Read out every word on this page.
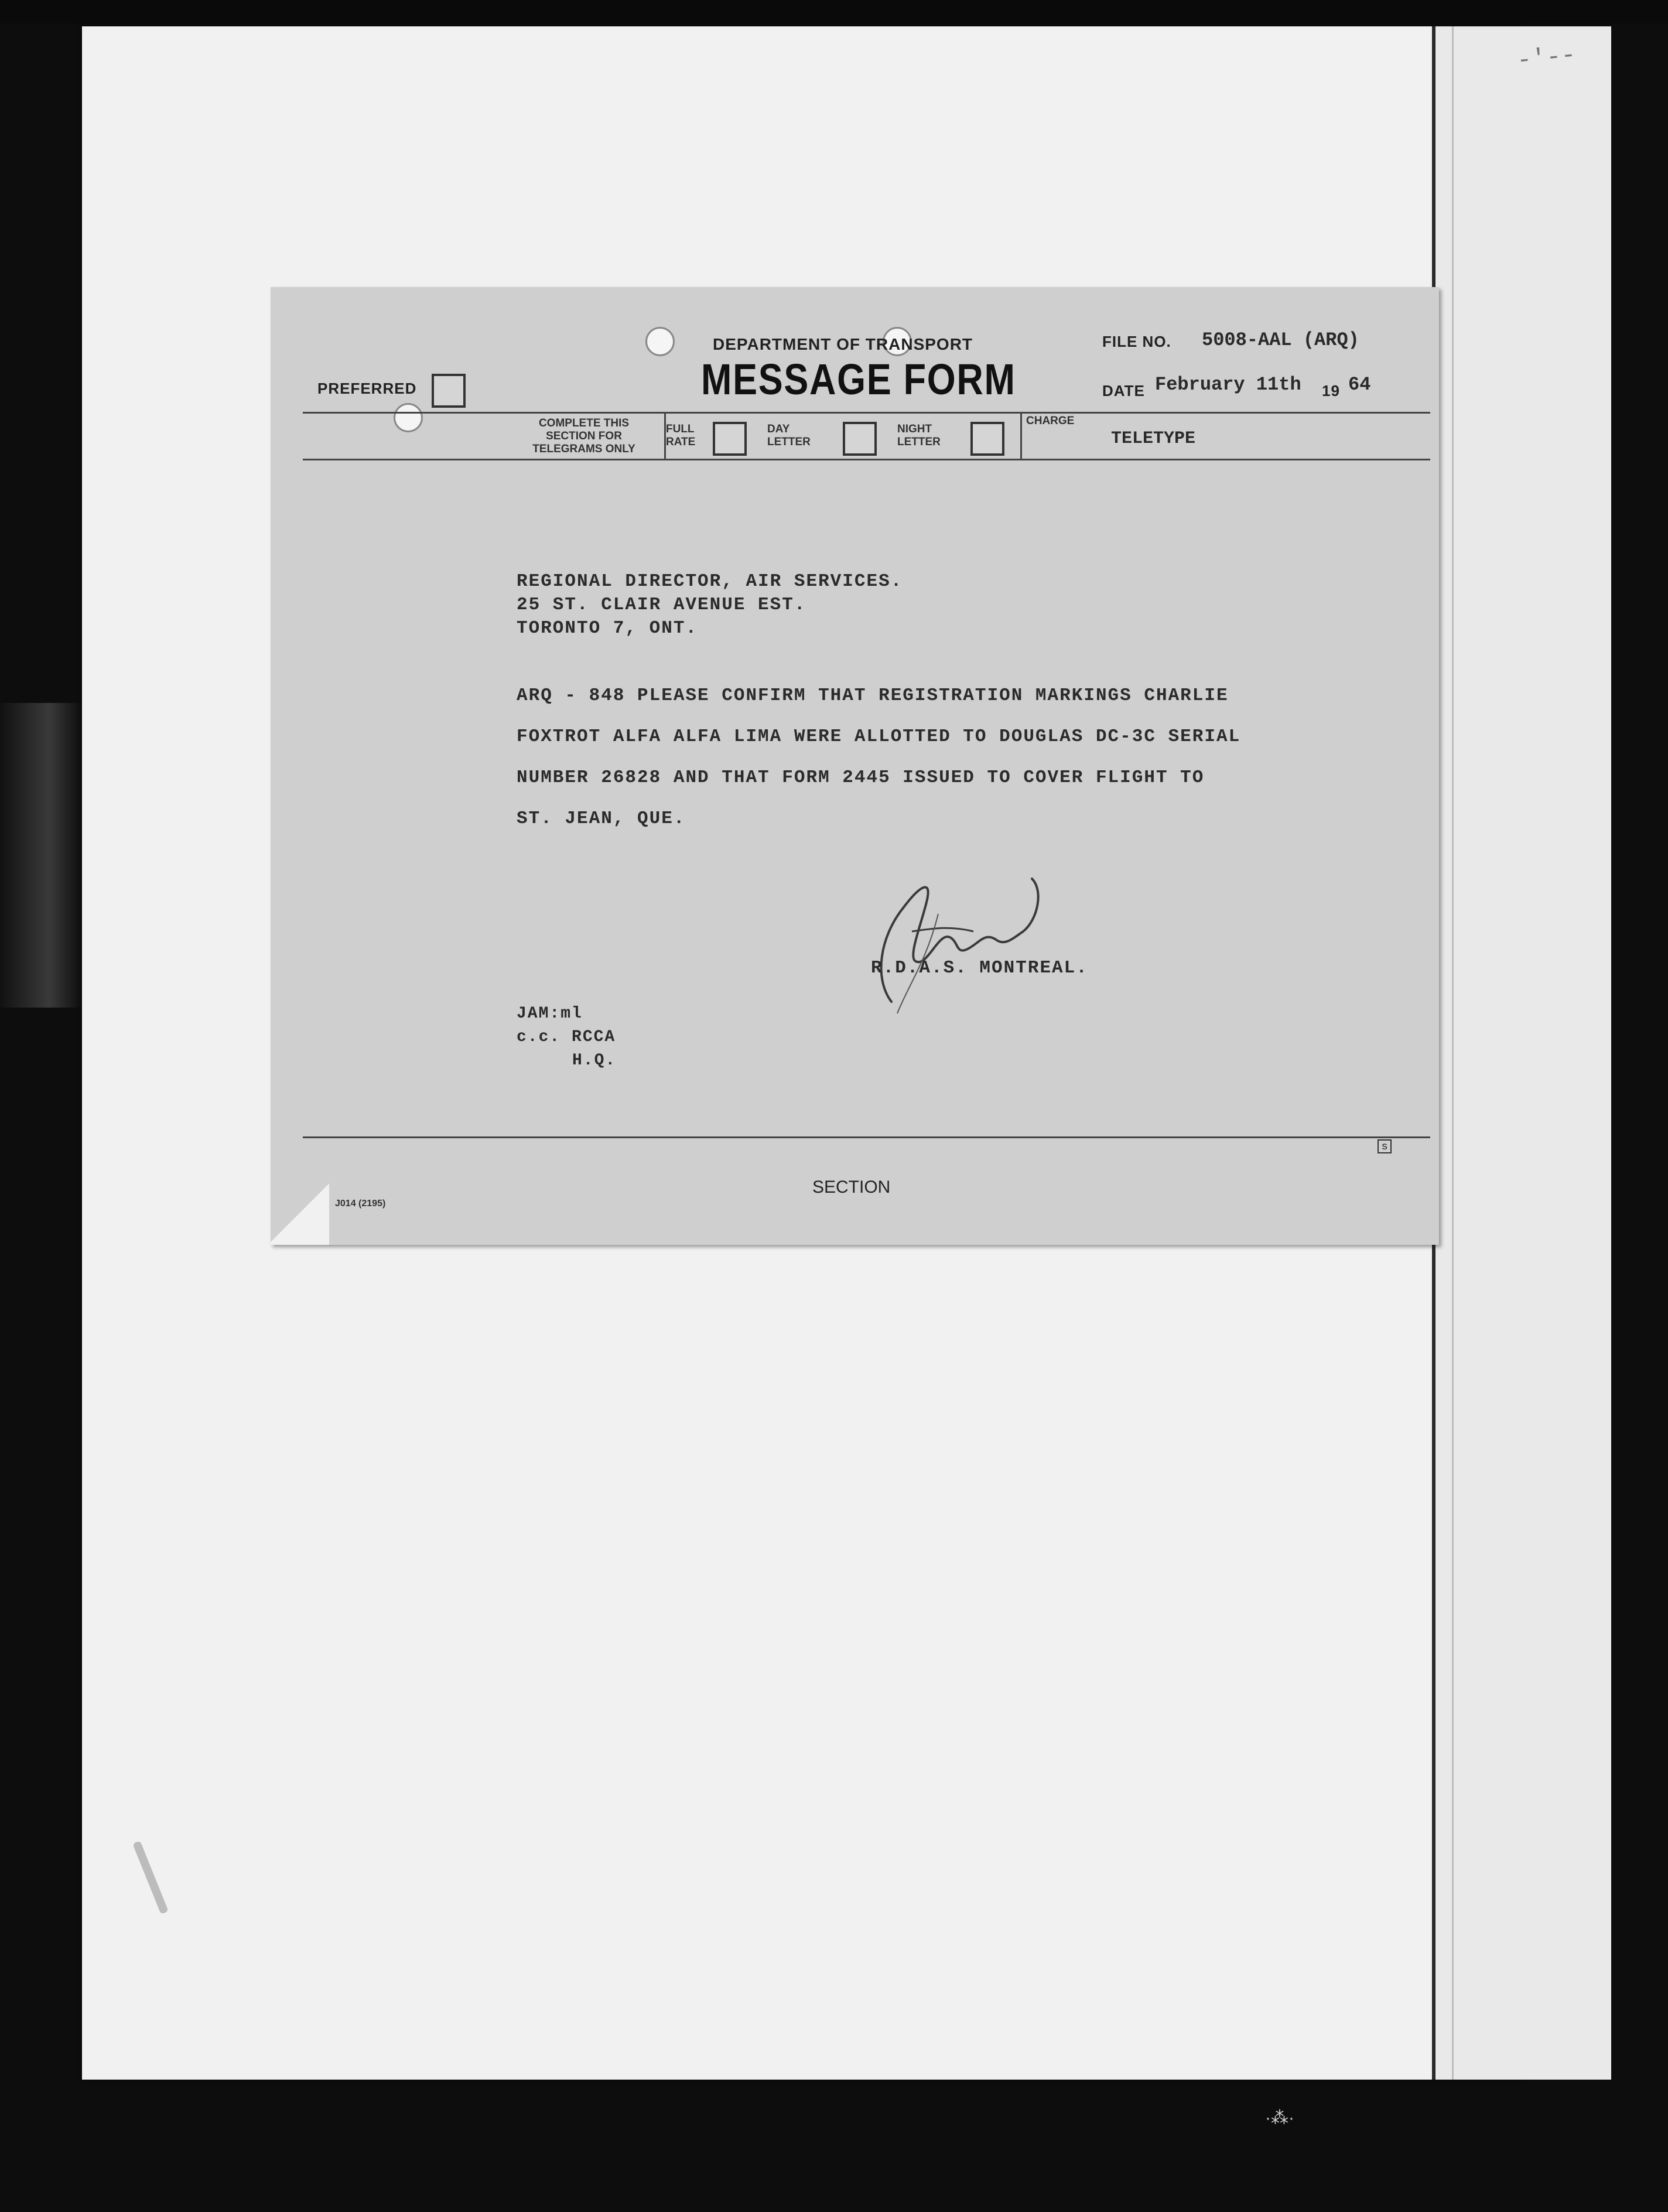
-'--
DEPARTMENT OF TRANSPORT
MESSAGE FORM
PREFERRED
FILE NO. 5008-AAL (ARQ)
DATE February 11th 19 64
COMPLETE THIS
SECTION FOR
TELEGRAMS ONLY
FULL
RATE
DAY
LETTER
NIGHT
LETTER
CHARGE
TELETYPE
REGIONAL DIRECTOR, AIR SERVICES.
25 ST. CLAIR AVENUE EST.
TORONTO 7, ONT.
ARQ - 848 PLEASE CONFIRM THAT REGISTRATION MARKINGS CHARLIE
FOXTROT ALFA ALFA LIMA WERE ALLOTTED TO DOUGLAS DC-3C SERIAL
NUMBER 26828 AND THAT FORM 2445 ISSUED TO COVER FLIGHT TO
ST. JEAN, QUE.
R.D.A.S. MONTREAL.
JAM:ml
c.c. RCCA
H.Q.
S
SECTION
J014 (2195)
·⁂·
